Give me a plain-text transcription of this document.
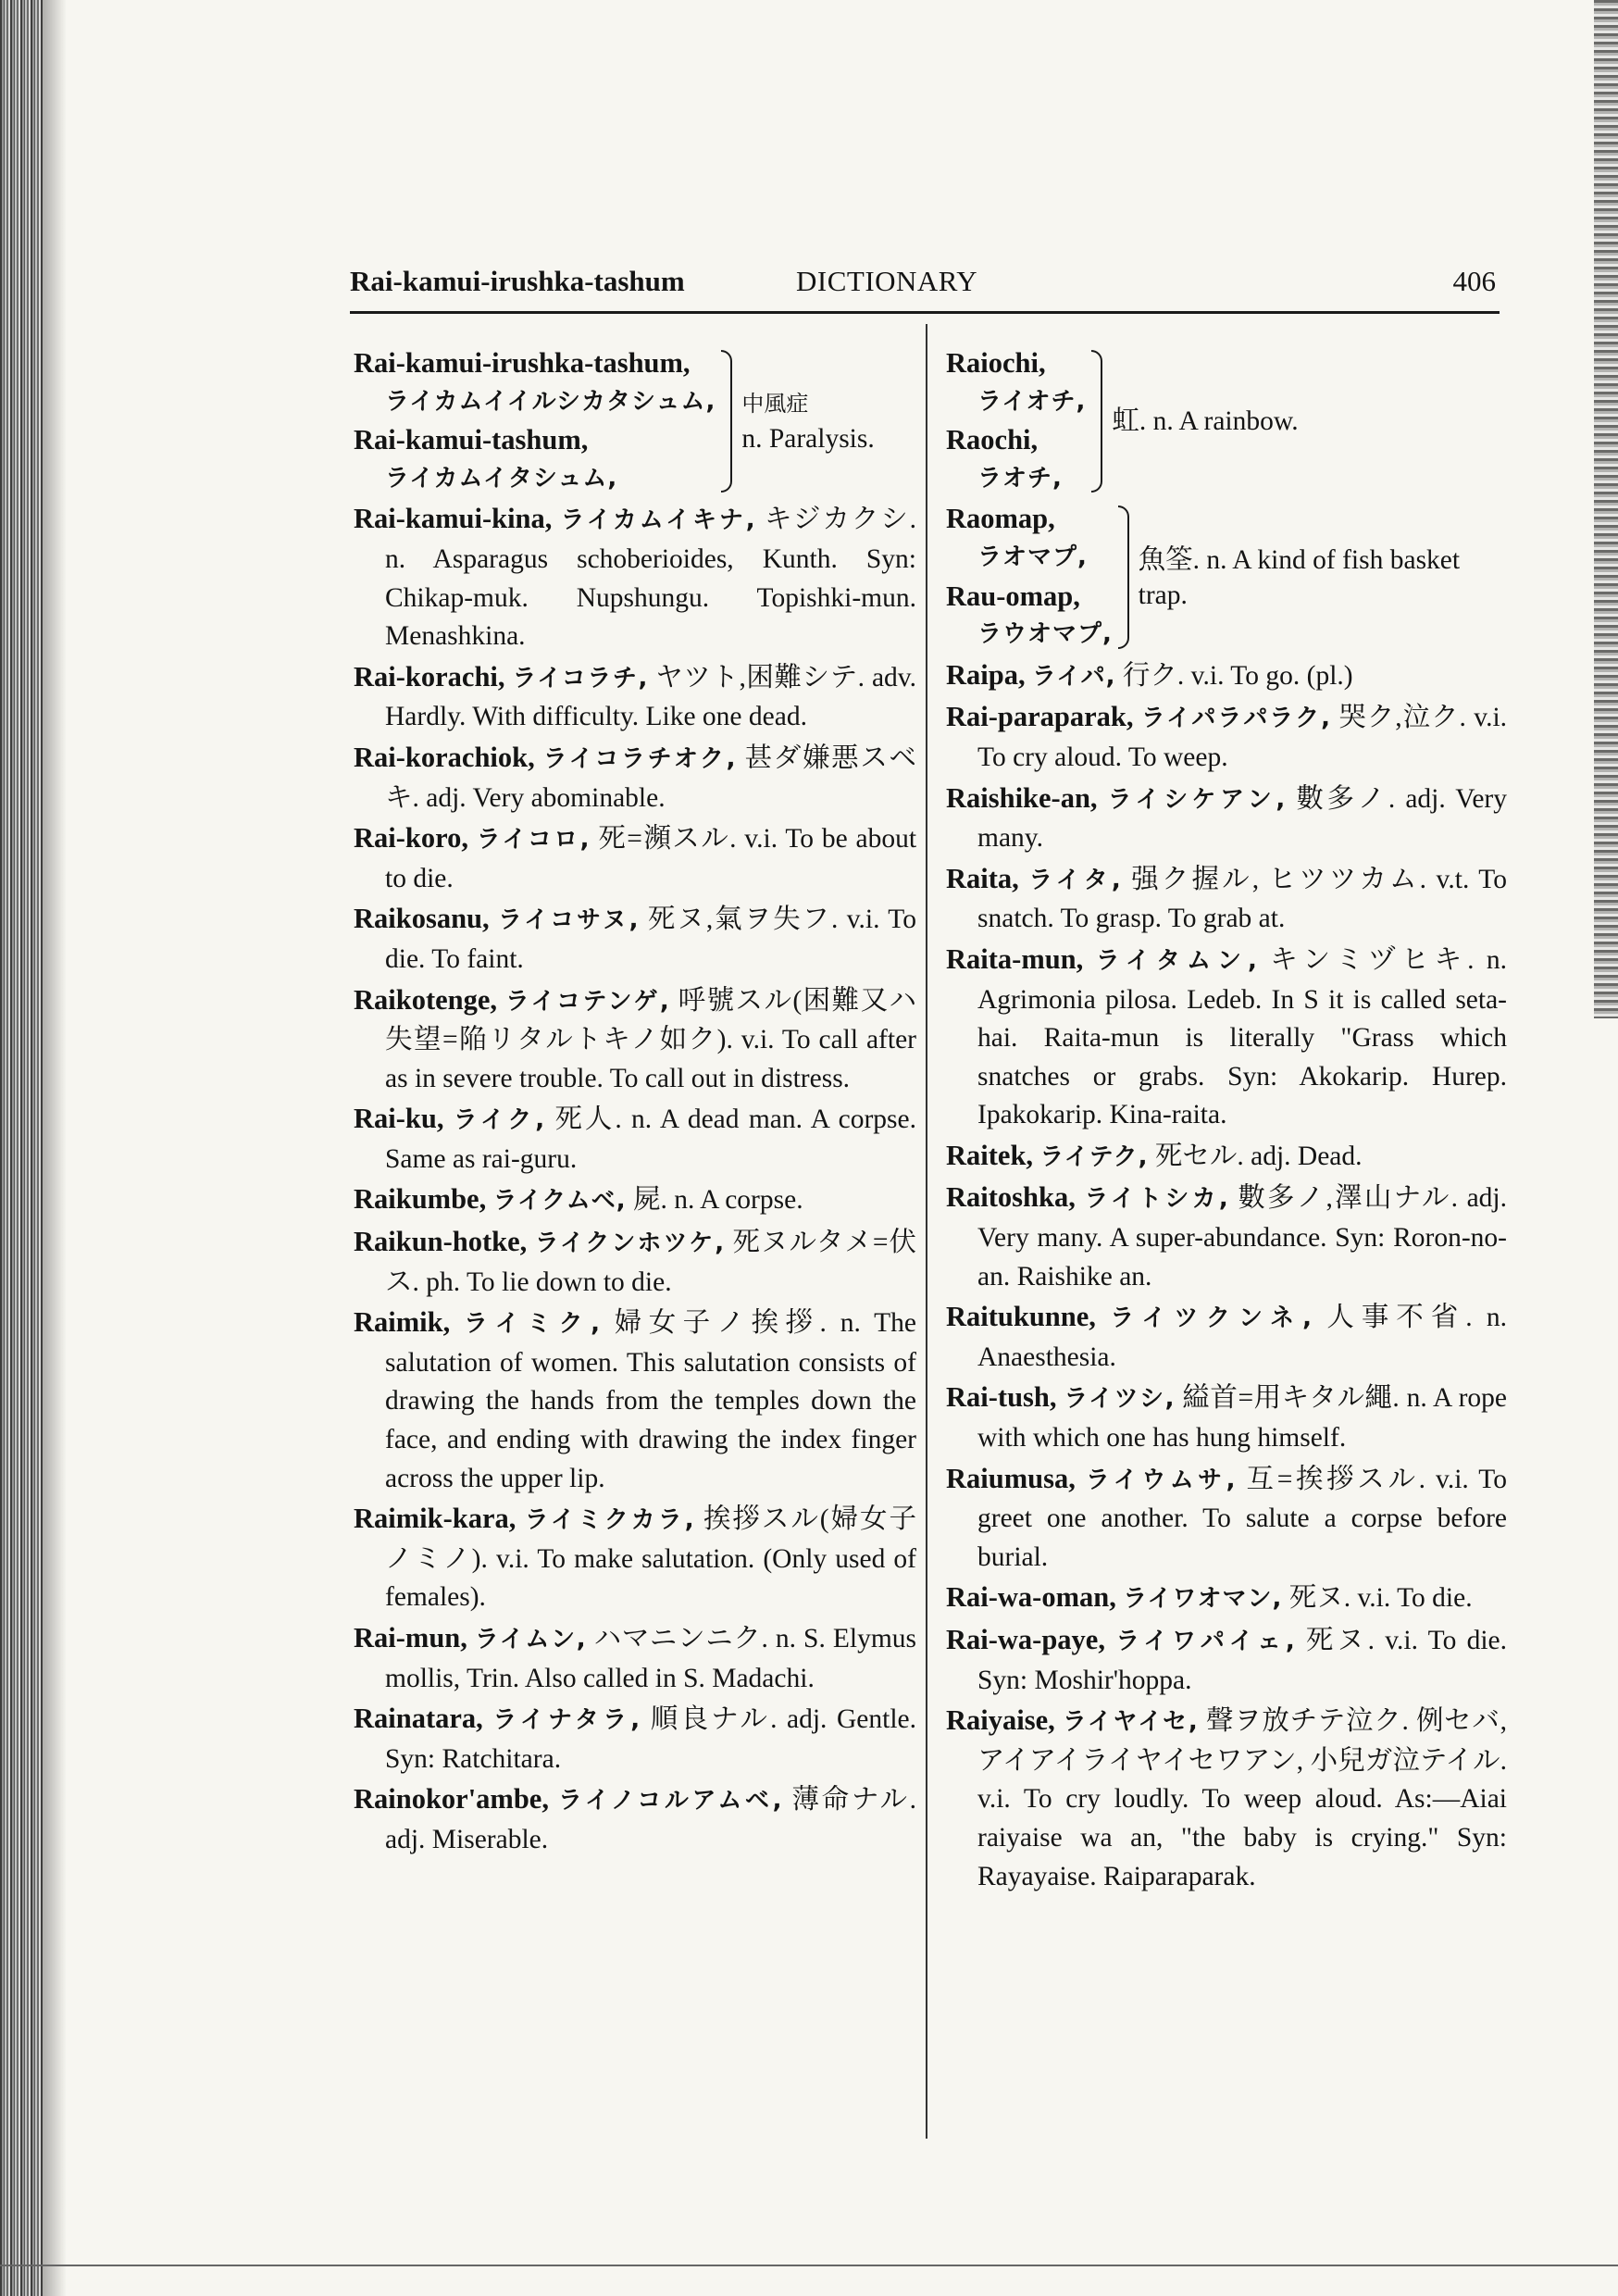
Rai-kamui-irushka-tashum	DICTIONARY	406
Rai-kamui-irushka-tashum,
ライカムイイルシカタシュム,
Rai-kamui-tashum,
ライカムイタシュム,
中風症
n. Paralysis.
Rai-kamui-kina, ライカムイキナ, キジカクシ. n. Asparagus schoberioides, Kunth. Syn: Chikap-muk. Nupshungu. Topishki-mun. Menashkina.
Rai-korachi, ライコラチ, ヤツト,困難シテ. adv. Hardly. With difficulty. Like one dead.
Rai-korachiok, ライコラチオク, 甚ダ嫌悪スベキ. adj. Very abominable.
Rai-koro, ライコロ, 死=瀕スル. v.i. To be about to die.
Raikosanu, ライコサヌ, 死ヌ,氣ヲ失フ. v.i. To die. To faint.
Raikotenge, ライコテンゲ, 呼號スル(困難又ハ失望=陥リタルトキノ如ク). v.i. To call after as in severe trouble. To call out in distress.
Rai-ku, ライク, 死人. n. A dead man. A corpse. Same as rai-guru.
Raikumbe, ライクムベ, 屍. n. A corpse.
Raikun-hotke, ライクンホツケ, 死ヌルタメ=伏ス. ph. To lie down to die.
Raimik, ライミク, 婦女子ノ挨拶. n. The salutation of women. This salutation consists of drawing the hands from the temples down the face, and ending with drawing the index finger across the upper lip.
Raimik-kara, ライミクカラ, 挨拶スル(婦女子ノミノ). v.i. To make salutation. (Only used of females).
Rai-mun, ライムン, ハマニンニク. n. S. Elymus mollis, Trin. Also called in S. Madachi.
Rainatara, ライナタラ, 順良ナル. adj. Gentle. Syn: Ratchitara.
Rainokor'ambe, ライノコルアムベ, 薄命ナル. adj. Miserable.
Raiochi,
ライオチ,
Raochi,
ラオチ,
虹. n. A rainbow.
Raomap,
ラオマプ,
Rau-omap,
ラウオマプ,
魚筌. n. A kind of fish basket trap.
Raipa, ライパ, 行ク. v.i. To go. (pl.)
Rai-paraparak, ライパラパラク, 哭ク,泣ク. v.i. To cry aloud. To weep.
Raishike-an, ライシケアン, 數多ノ. adj. Very many.
Raita, ライタ, 强ク握ル, ヒツツカム. v.t. To snatch. To grasp. To grab at.
Raita-mun, ライタムン, キンミヅヒキ. n. Agrimonia pilosa. Ledeb. In S it is called seta-hai. Raita-mun is literally "Grass which snatches or grabs. Syn: Akokarip. Hurep. Ipakokarip. Kina-raita.
Raitek, ライテク, 死セル. adj. Dead.
Raitoshka, ライトシカ, 數多ノ,澤山ナル. adj. Very many. A super-abundance. Syn: Roron-no-an. Raishike an.
Raitukunne, ライツクンネ, 人事不省. n. Anaesthesia.
Rai-tush, ライツシ, 縊首=用キタル繩. n. A rope with which one has hung himself.
Raiumusa, ライウムサ, 互=挨拶スル. v.i. To greet one another. To salute a corpse before burial.
Rai-wa-oman, ライワオマン, 死ヌ. v.i. To die.
Rai-wa-paye, ライワパイェ, 死ヌ. v.i. To die. Syn: Moshir'hoppa.
Raiyaise, ライヤイセ, 聲ヲ放チテ泣ク. 例セバ, アイアイライヤイセワアン, 小兒ガ泣テイル. v.i. To cry loudly. To weep aloud. As:—Aiai raiyaise wa an, "the baby is crying." Syn: Rayayaise. Raiparaparak.
